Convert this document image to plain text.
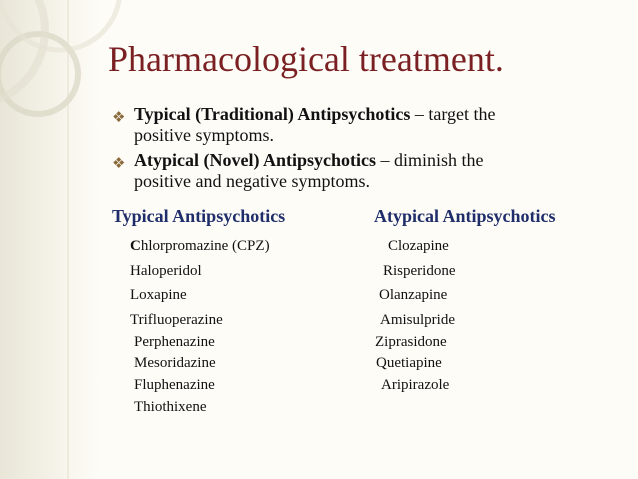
Pharmacological treatment.
❖ Typical (Traditional) Antipsychotics – target the
positive symptoms.
❖ Atypical (Novel) Antipsychotics – diminish the
positive and negative symptoms.
Typical Antipsychotics	Atypical Antipsychotics
Chlorpromazine (CPZ)
Haloperidol
Loxapine
Trifluoperazine
Perphenazine
Mesoridazine
Fluphenazine
Thiothixene
Clozapine
Risperidone
Olanzapine
Amisulpride
Ziprasidone
Quetiapine
Aripirazole
